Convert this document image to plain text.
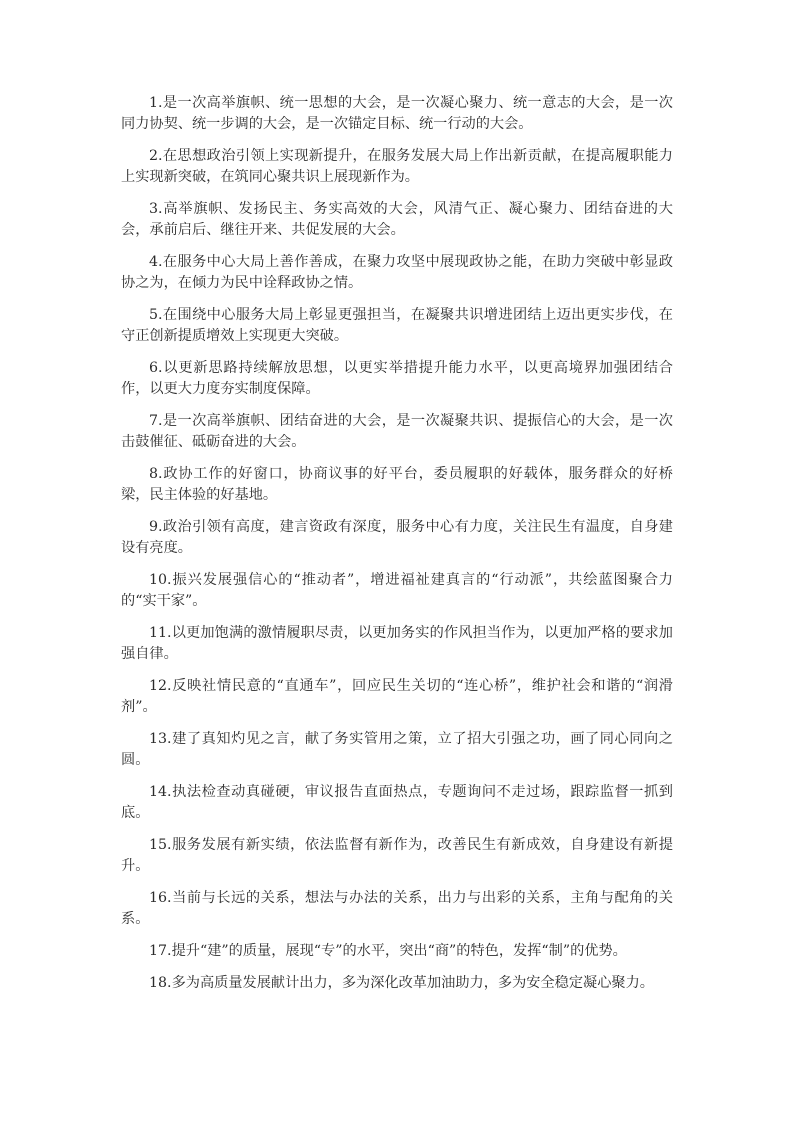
1.是一次高举旗帜、统一思想的大会，是一次凝心聚力、统一意志的大会，是一次同力协契、统一步调的大会，是一次锚定目标、统一行动的大会。

2.在思想政治引领上实现新提升，在服务发展大局上作出新贡献，在提高履职能力上实现新突破，在筑同心聚共识上展现新作为。

3.高举旗帜、发扬民主、务实高效的大会，风清气正、凝心聚力、团结奋进的大会，承前启后、继往开来、共促发展的大会。

4.在服务中心大局上善作善成，在聚力攻坚中展现政协之能，在助力突破中彰显政协之为，在倾力为民中诠释政协之情。

5.在围绕中心服务大局上彰显更强担当，在凝聚共识增进团结上迈出更实步伐，在守正创新提质增效上实现更大突破。

6.以更新思路持续解放思想，以更实举措提升能力水平，以更高境界加强团结合作，以更大力度夯实制度保障。

7.是一次高举旗帜、团结奋进的大会，是一次凝聚共识、提振信心的大会，是一次击鼓催征、砥砺奋进的大会。

8.政协工作的好窗口，协商议事的好平台，委员履职的好载体，服务群众的好桥梁，民主体验的好基地。

9.政治引领有高度，建言资政有深度，服务中心有力度，关注民生有温度，自身建设有亮度。

10.振兴发展强信心的“推动者”，增进福祉建真言的“行动派”，共绘蓝图聚合力的“实干家”。

11.以更加饱满的激情履职尽责，以更加务实的作风担当作为，以更加严格的要求加强自律。

12.反映社情民意的“直通车”，回应民生关切的“连心桥”，维护社会和谐的“润滑剂”。

13.建了真知灼见之言，献了务实管用之策，立了招大引强之功，画了同心同向之圆。

14.执法检查动真碰硬，审议报告直面热点，专题询问不走过场，跟踪监督一抓到底。

15.服务发展有新实绩，依法监督有新作为，改善民生有新成效，自身建设有新提升。

16.当前与长远的关系，想法与办法的关系，出力与出彩的关系，主角与配角的关系。

17.提升“建”的质量，展现“专”的水平，突出“商”的特色，发挥“制”的优势。

18.多为高质量发展献计出力，多为深化改革加油助力，多为安全稳定凝心聚力。
